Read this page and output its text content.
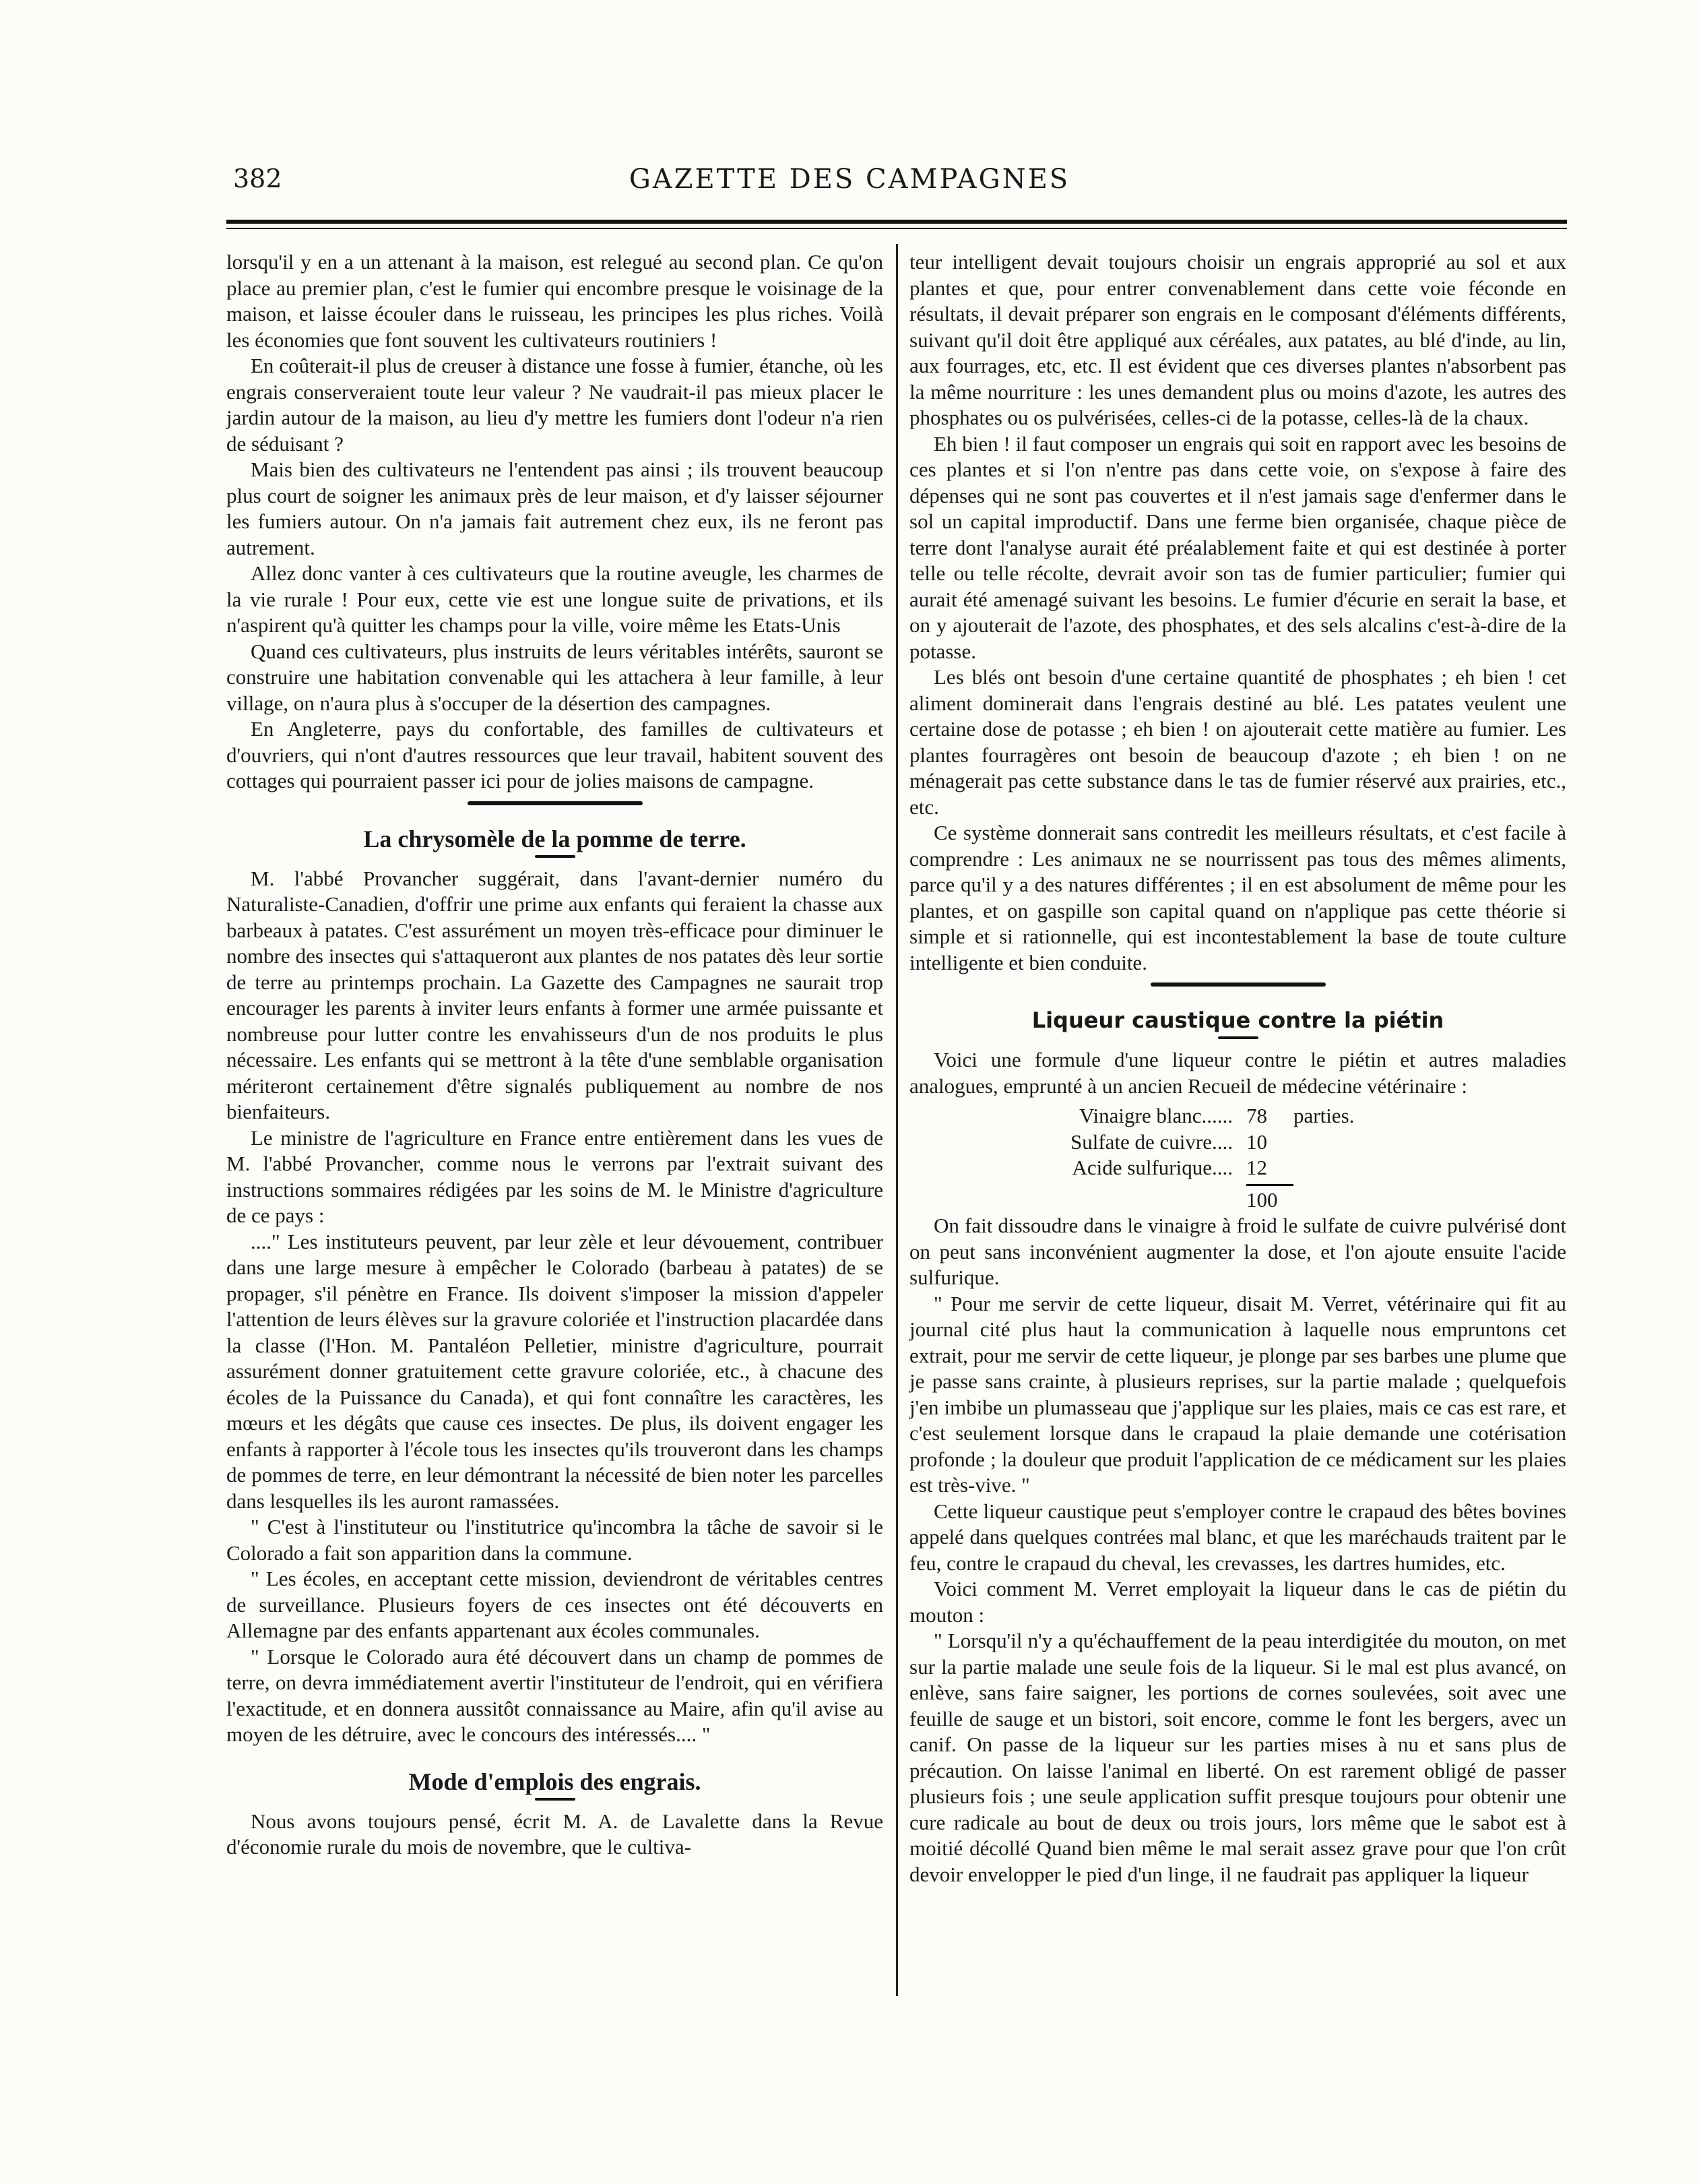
382	GAZETTE DES CAMPAGNES

lorsqu'il y en a un attenant à la maison, est relegué au second plan. Ce qu'on place au premier plan, c'est le fumier qui encombre presque le voisinage de la maison, et laisse écouler dans le ruisseau, les principes les plus riches. Voilà les économies que font souvent les cultivateurs routiniers !

En coûterait-il plus de creuser à distance une fosse à fumier, étanche, où les engrais conserveraient toute leur valeur ? Ne vaudrait-il pas mieux placer le jardin autour de la maison, au lieu d'y mettre les fumiers dont l'odeur n'a rien de séduisant ?

Mais bien des cultivateurs ne l'entendent pas ainsi ; ils trouvent beaucoup plus court de soigner les animaux près de leur maison, et d'y laisser séjourner les fumiers autour. On n'a jamais fait autrement chez eux, ils ne feront pas autrement.

Allez donc vanter à ces cultivateurs que la routine aveugle, les charmes de la vie rurale ! Pour eux, cette vie est une longue suite de privations, et ils n'aspirent qu'à quitter les champs pour la ville, voire même les Etats-Unis

Quand ces cultivateurs, plus instruits de leurs véritables intérêts, sauront se construire une habitation convenable qui les attachera à leur famille, à leur village, on n'aura plus à s'occuper de la désertion des campagnes.

En Angleterre, pays du confortable, des familles de cultivateurs et d'ouvriers, qui n'ont d'autres ressources que leur travail, habitent souvent des cottages qui pourraient passer ici pour de jolies maisons de campagne.

La chrysomèle de la pomme de terre.

M. l'abbé Provancher suggérait, dans l'avant-dernier numéro du Naturaliste-Canadien, d'offrir une prime aux enfants qui feraient la chasse aux barbeaux à patates. C'est assurément un moyen très-efficace pour diminuer le nombre des insectes qui s'attaqueront aux plantes de nos patates dès leur sortie de terre au printemps prochain. La Gazette des Campagnes ne saurait trop encourager les parents à inviter leurs enfants à former une armée puissante et nombreuse pour lutter contre les envahisseurs d'un de nos produits le plus nécessaire. Les enfants qui se mettront à la tête d'une semblable organisation mériteront certainement d'être signalés publiquement au nombre de nos bienfaiteurs.

Le ministre de l'agriculture en France entre entièrement dans les vues de M. l'abbé Provancher, comme nous le verrons par l'extrait suivant des instructions sommaires rédigées par les soins de M. le Ministre d'agriculture de ce pays :

...." Les instituteurs peuvent, par leur zèle et leur dévouement, contribuer dans une large mesure à empêcher le Colorado (barbeau à patates) de se propager, s'il pénètre en France. Ils doivent s'imposer la mission d'appeler l'attention de leurs élèves sur la gravure coloriée et l'instruction placardée dans la classe (l'Hon. M. Pantaléon Pelletier, ministre d'agriculture, pourrait assurément donner gratuitement cette gravure coloriée, etc., à chacune des écoles de la Puissance du Canada), et qui font connaître les caractères, les mœurs et les dégâts que cause ces insectes. De plus, ils doivent engager les enfants à rapporter à l'école tous les insectes qu'ils trouveront dans les champs de pommes de terre, en leur démontrant la nécessité de bien noter les parcelles dans lesquelles ils les auront ramassées.

" C'est à l'instituteur ou l'institutrice qu'incombra la tâche de savoir si le Colorado a fait son apparition dans la commune.

" Les écoles, en acceptant cette mission, deviendront de véritables centres de surveillance. Plusieurs foyers de ces insectes ont été découverts en Allemagne par des enfants appartenant aux écoles communales.

" Lorsque le Colorado aura été découvert dans un champ de pommes de terre, on devra immédiatement avertir l'instituteur de l'endroit, qui en vérifiera l'exactitude, et en donnera aussitôt connaissance au Maire, afin qu'il avise au moyen de les détruire, avec le concours des intéressés.... "

Mode d'emplois des engrais.

Nous avons toujours pensé, écrit M. A. de Lavalette dans la Revue d'économie rurale du mois de novembre, que le cultiva-

teur intelligent devait toujours choisir un engrais approprié au sol et aux plantes et que, pour entrer convenablement dans cette voie féconde en résultats, il devait préparer son engrais en le composant d'éléments différents, suivant qu'il doit être appliqué aux céréales, aux patates, au blé d'inde, au lin, aux fourrages, etc, etc. Il est évident que ces diverses plantes n'absorbent pas la même nourriture : les unes demandent plus ou moins d'azote, les autres des phosphates ou os pulvérisées, celles-ci de la potasse, celles-là de la chaux.

Eh bien ! il faut composer un engrais qui soit en rapport avec les besoins de ces plantes et si l'on n'entre pas dans cette voie, on s'expose à faire des dépenses qui ne sont pas couvertes et il n'est jamais sage d'enfermer dans le sol un capital improductif. Dans une ferme bien organisée, chaque pièce de terre dont l'analyse aurait été préalablement faite et qui est destinée à porter telle ou telle récolte, devrait avoir son tas de fumier particulier; fumier qui aurait été amenagé suivant les besoins. Le fumier d'écurie en serait la base, et on y ajouterait de l'azote, des phosphates, et des sels alcalins c'est-à-dire de la potasse.

Les blés ont besoin d'une certaine quantité de phosphates ; eh bien ! cet aliment dominerait dans l'engrais destiné au blé. Les patates veulent une certaine dose de potasse ; eh bien ! on ajouterait cette matière au fumier. Les plantes fourragères ont besoin de beaucoup d'azote ; eh bien ! on ne ménagerait pas cette substance dans le tas de fumier réservé aux prairies, etc., etc.

Ce système donnerait sans contredit les meilleurs résultats, et c'est facile à comprendre : Les animaux ne se nourrissent pas tous des mêmes aliments, parce qu'il y a des natures différentes ; il en est absolument de même pour les plantes, et on gaspille son capital quand on n'applique pas cette théorie si simple et si rationnelle, qui est incontestablement la base de toute culture intelligente et bien conduite.

Liqueur caustique contre la piétin

Voici une formule d'une liqueur contre le piétin et autres maladies analogues, emprunté à un ancien Recueil de médecine vétérinaire :

Vinaigre blanc...... 78	parties.
Sulfate de cuivre.... 10
Acide sulfurique.... 12
100

On fait dissoudre dans le vinaigre à froid le sulfate de cuivre pulvérisé dont on peut sans inconvénient augmenter la dose, et l'on ajoute ensuite l'acide sulfurique.

" Pour me servir de cette liqueur, disait M. Verret, vétérinaire qui fit au journal cité plus haut la communication à laquelle nous empruntons cet extrait, pour me servir de cette liqueur, je plonge par ses barbes une plume que je passe sans crainte, à plusieurs reprises, sur la partie malade ; quelquefois j'en imbibe un plumasseau que j'applique sur les plaies, mais ce cas est rare, et c'est seulement lorsque dans le crapaud la plaie demande une cotérisation profonde ; la douleur que produit l'application de ce médicament sur les plaies est très-vive. "

Cette liqueur caustique peut s'employer contre le crapaud des bêtes bovines appelé dans quelques contrées mal blanc, et que les maréchauds traitent par le feu, contre le crapaud du cheval, les crevasses, les dartres humides, etc.

Voici comment M. Verret employait la liqueur dans le cas de piétin du mouton :

" Lorsqu'il n'y a qu'échauffement de la peau interdigitée du mouton, on met sur la partie malade une seule fois de la liqueur. Si le mal est plus avancé, on enlève, sans faire saigner, les portions de cornes soulevées, soit avec une feuille de sauge et un bistori, soit encore, comme le font les bergers, avec un canif. On passe de la liqueur sur les parties mises à nu et sans plus de précaution. On laisse l'animal en liberté. On est rarement obligé de passer plusieurs fois ; une seule application suffit presque toujours pour obtenir une cure radicale au bout de deux ou trois jours, lors même que le sabot est à moitié décollé Quand bien même le mal serait assez grave pour que l'on crût devoir envelopper le pied d'un linge, il ne faudrait pas appliquer la liqueur
